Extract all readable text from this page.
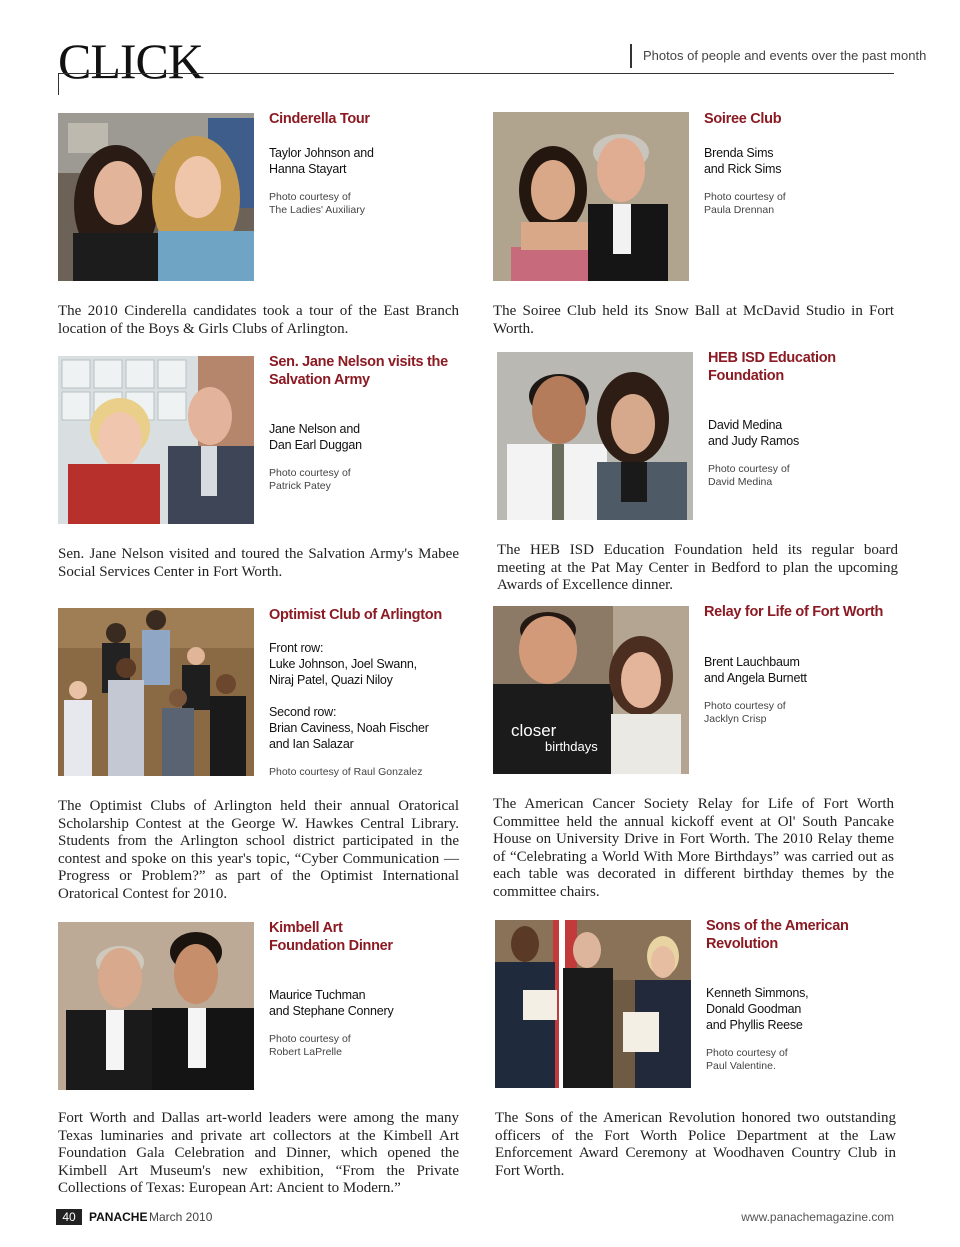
CLICK	Photos of people and events over the past month
Cinderella Tour
Taylor Johnson and
Hanna Stayart
Photo courtesy of
The Ladies' Auxiliary
The 2010 Cinderella candidates took a tour of the East Branch location of the Boys & Girls Clubs of Arlington.
Soiree Club
Brenda Sims
and Rick Sims
Photo courtesy of
Paula Drennan
The Soiree Club held its Snow Ball at McDavid Studio in Fort Worth.
Sen. Jane Nelson visits the
Salvation Army
Jane Nelson and
Dan Earl Duggan
Photo courtesy of
Patrick Patey
Sen. Jane Nelson visited and toured the Salvation Army's Mabee Social Services Center in Fort Worth.
HEB ISD Education
Foundation
David Medina
and Judy Ramos
Photo courtesy of
David Medina
The HEB ISD Education Foundation held its regular board meeting at the Pat May Center in Bedford to plan the upcoming Awards of Excellence dinner.
Optimist Club of Arlington
Front row:
Luke Johnson, Joel Swann,
Niraj Patel, Quazi Niloy

Second row:
Brian Caviness, Noah Fischer
and Ian Salazar
Photo courtesy of Raul Gonzalez
The Optimist Clubs of Arlington held their annual Oratorical Scholarship Contest at the George W. Hawkes Central Library. Students from the Arlington school district participated in the contest and spoke on this year's topic, “Cyber Communication — Progress or Problem?” as part of the Optimist International Oratorical Contest for 2010.
closer
birthdays
Relay for Life of Fort Worth
Brent Lauchbaum
and Angela Burnett
Photo courtesy of
Jacklyn Crisp
The American Cancer Society Relay for Life of Fort Worth Committee held the annual kickoff event at Ol' South Pancake House on University Drive in Fort Worth. The 2010 Relay theme of “Celebrating a World With More Birthdays” was carried out as each table was decorated in different birthday themes by the committee chairs.
Kimbell Art
Foundation Dinner
Maurice Tuchman
and Stephane Connery
Photo courtesy of
Robert LaPrelle
Fort Worth and Dallas art-world leaders were among the many Texas luminaries and private art collectors at the Kimbell Art Foundation Gala Celebration and Dinner, which opened the Kimbell Art Museum's new exhibition, “From the Private Collections of Texas: European Art: Ancient to Modern.”
Sons of the American
Revolution
Kenneth Simmons,
Donald Goodman
and Phyllis Reese
Photo courtesy of
Paul Valentine.
The Sons of the American Revolution honored two outstanding officers of the Fort Worth Police Department at the Law Enforcement Award Ceremony at Woodhaven Country Club in Fort Worth.
40	PANACHE March 2010	www.panachemagazine.com
